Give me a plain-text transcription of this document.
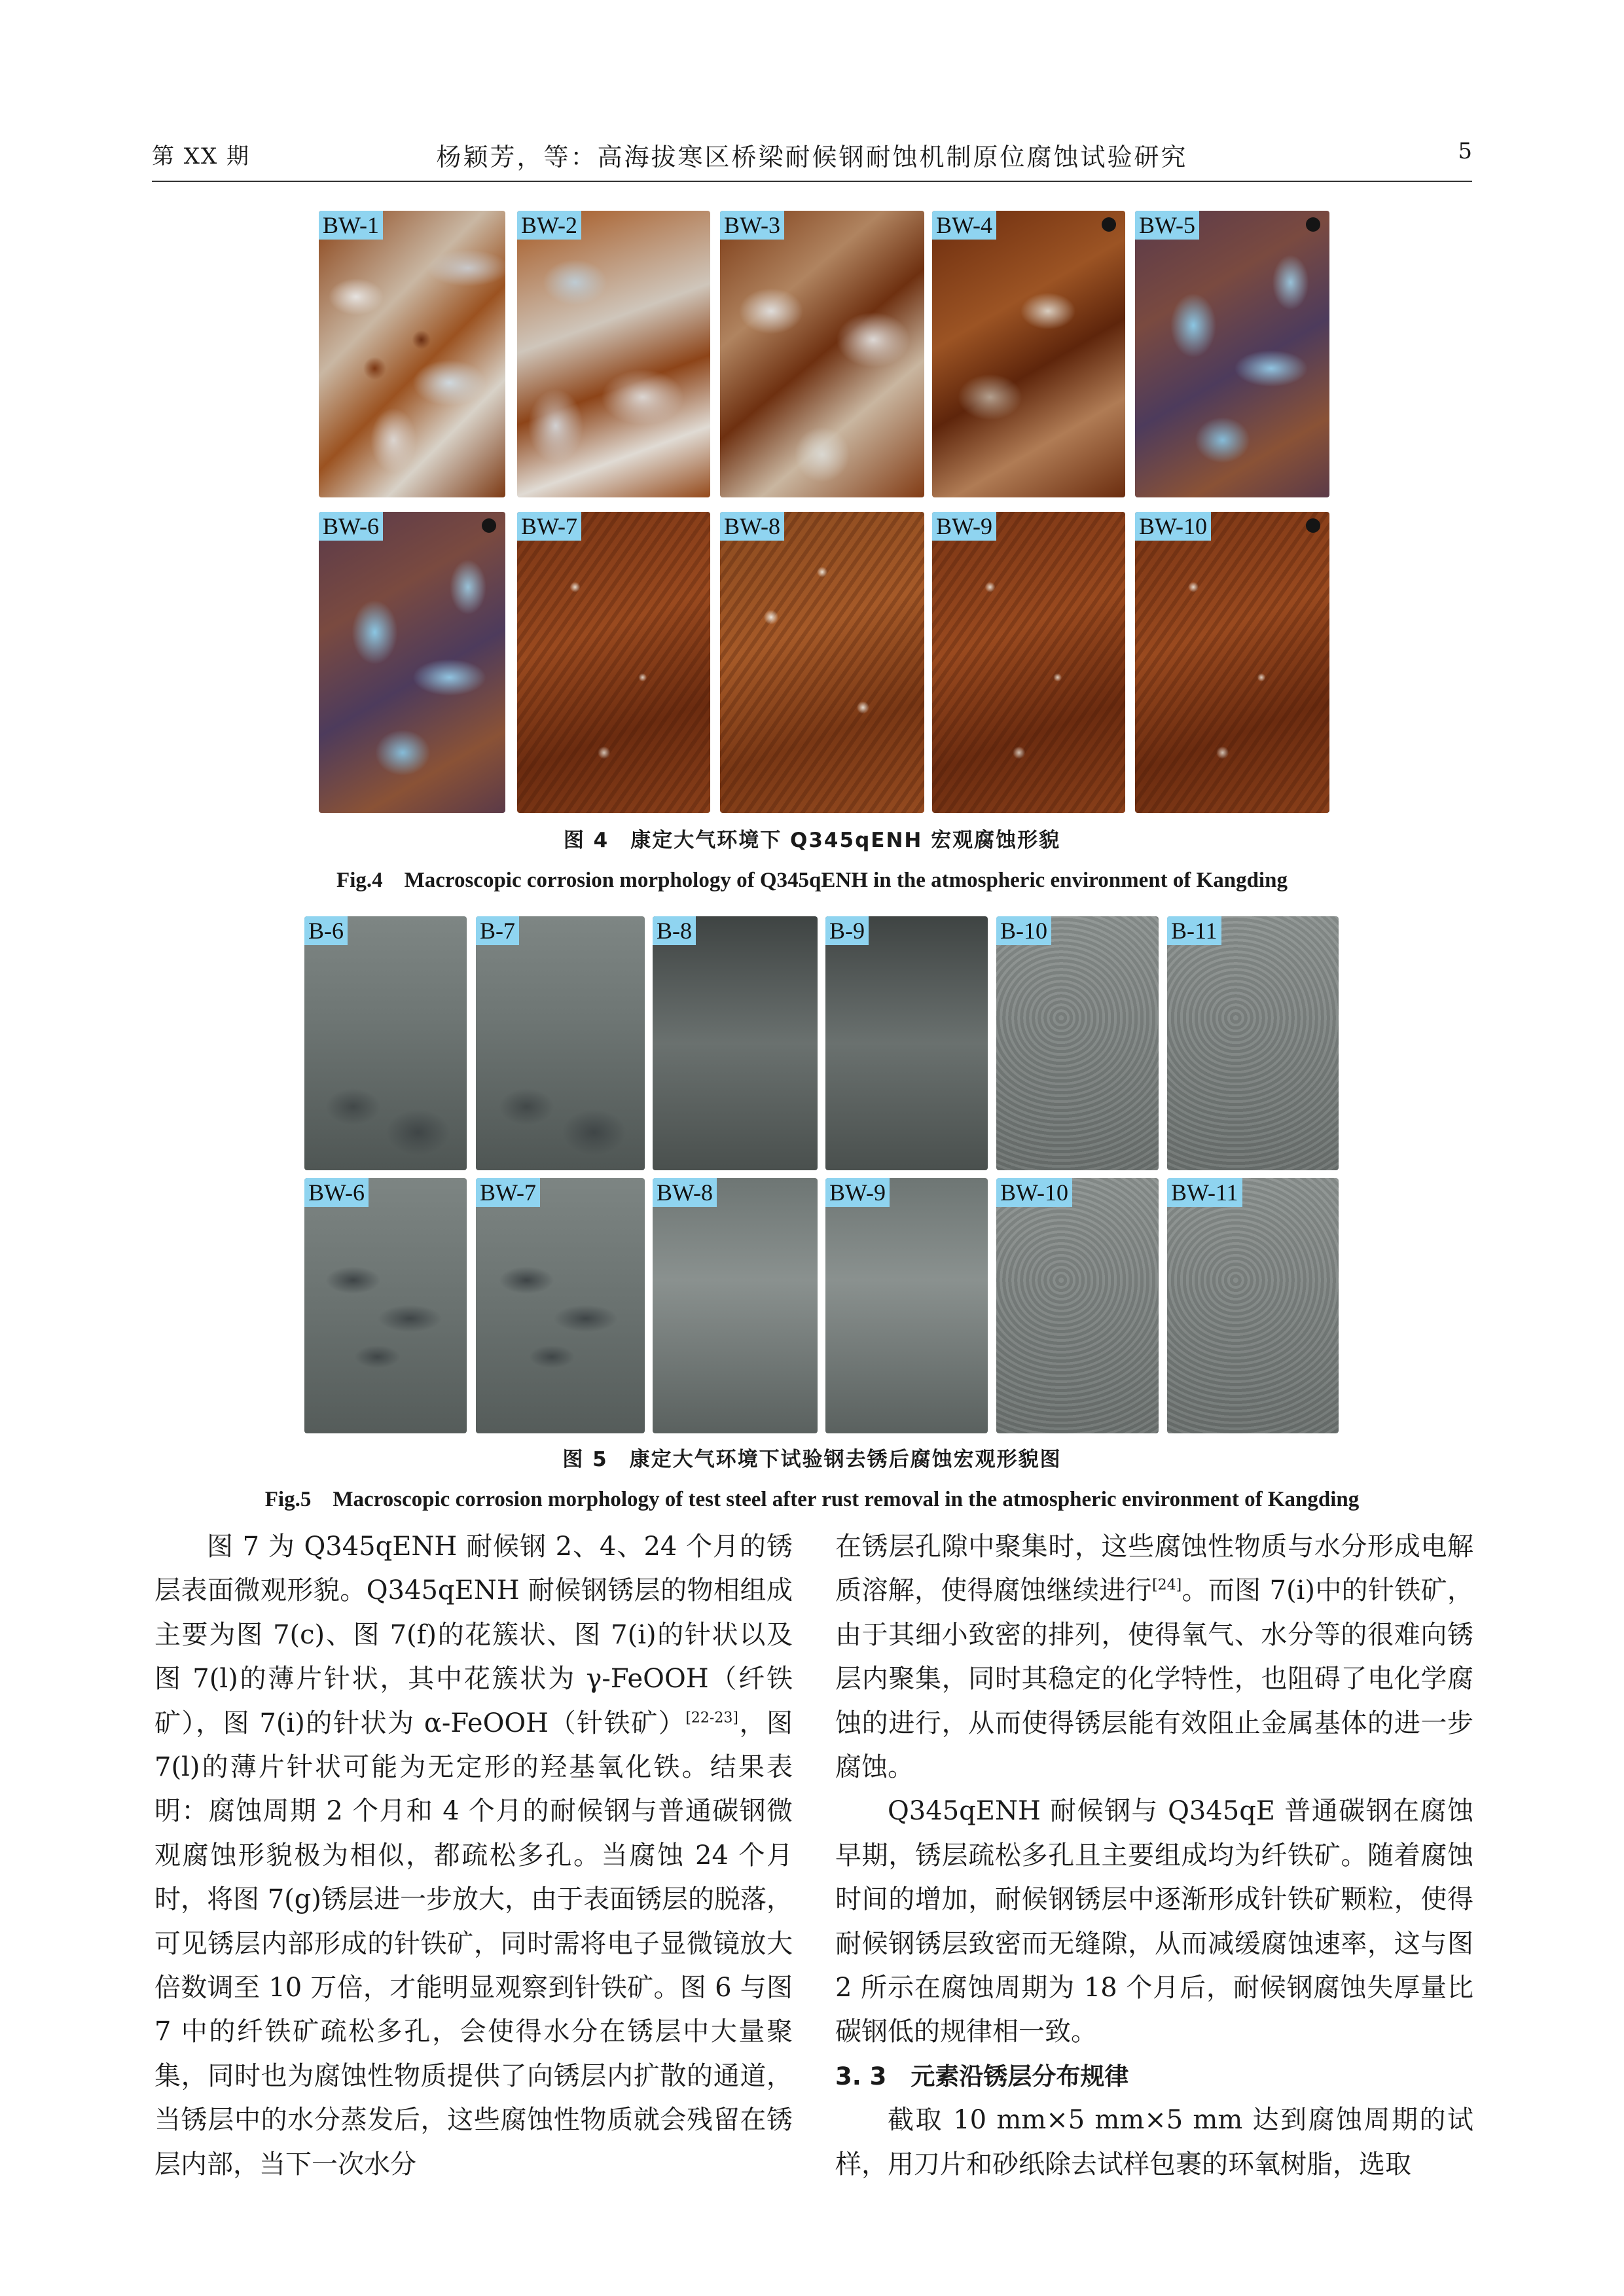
第 XX 期	杨颖芳，等：高海拔寒区桥梁耐候钢耐蚀机制原位腐蚀试验研究	5
BW-1	BW-2	BW-3	BW-4	BW-5
BW-6	BW-7	BW-8	BW-9	BW-10
图 4　康定大气环境下 Q345qENH 宏观腐蚀形貌
Fig.4　Macroscopic corrosion morphology of Q345qENH in the atmospheric environment of Kangding
B-6	B-7	B-8	B-9	B-10	B-11
BW-6	BW-7	BW-8	BW-9	BW-10	BW-11
图 5　康定大气环境下试验钢去锈后腐蚀宏观形貌图
Fig.5　Macroscopic corrosion morphology of test steel after rust removal in the atmospheric environment of Kangding

图 7 为 Q345qENH 耐候钢 2、4、24 个月的锈层表面微观形貌。Q345qENH 耐候钢锈层的物相组成主要为图 7(c)、图 7(f)的花簇状、图 7(i)的针状以及图 7(l)的薄片针状，其中花簇状为 γ-FeOOH（纤铁矿），图 7(i)的针状为 α-FeOOH（针铁矿）[22-23]，图 7(l)的薄片针状可能为无定形的羟基氧化铁。结果表明：腐蚀周期 2 个月和 4 个月的耐候钢与普通碳钢微观腐蚀形貌极为相似，都疏松多孔。当腐蚀 24 个月时，将图 7(g)锈层进一步放大，由于表面锈层的脱落，可见锈层内部形成的针铁矿，同时需将电子显微镜放大倍数调至 10 万倍，才能明显观察到针铁矿。图 6 与图 7 中的纤铁矿疏松多孔，会使得水分在锈层中大量聚集，同时也为腐蚀性物质提供了向锈层内扩散的通道，当锈层中的水分蒸发后，这些腐蚀性物质就会残留在锈层内部，当下一次水分

在锈层孔隙中聚集时，这些腐蚀性物质与水分形成电解质溶解，使得腐蚀继续进行[24]。而图 7(i)中的针铁矿，由于其细小致密的排列，使得氧气、水分等的很难向锈层内聚集，同时其稳定的化学特性，也阻碍了电化学腐蚀的进行，从而使得锈层能有效阻止金属基体的进一步腐蚀。

Q345qENH 耐候钢与 Q345qE 普通碳钢在腐蚀早期，锈层疏松多孔且主要组成均为纤铁矿。随着腐蚀时间的增加，耐候钢锈层中逐渐形成针铁矿颗粒，使得耐候钢锈层致密而无缝隙，从而减缓腐蚀速率，这与图 2 所示在腐蚀周期为 18 个月后，耐候钢腐蚀失厚量比碳钢低的规律相一致。

3. 3　元素沿锈层分布规律

截取 10 mm×5 mm×5 mm 达到腐蚀周期的试样，用刀片和砂纸除去试样包裹的环氧树脂，选取
